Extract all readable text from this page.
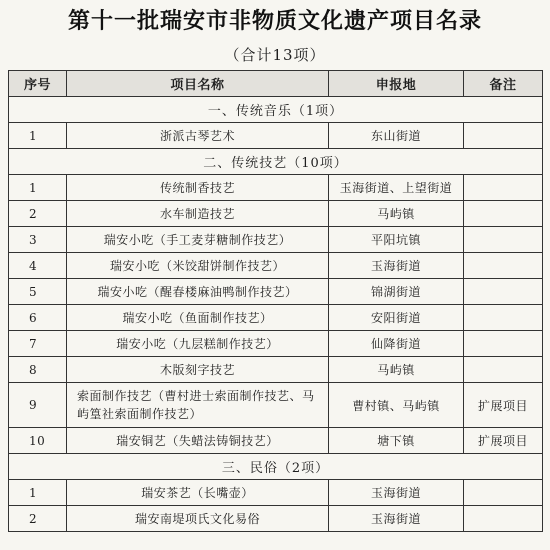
第十一批瑞安市非物质文化遗产项目名录
（合计13项）
序号	项目名称	申报地	备注
一、传统音乐（1项）			
1	浙派古琴艺术	东山街道	
二、传统技艺（10项）			
1	传统制香技艺	玉海街道、上望街道	
2	水车制造技艺	马屿镇	
3	瑞安小吃（手工麦芽糖制作技艺）	平阳坑镇	
4	瑞安小吃（米饺甜饼制作技艺）	玉海街道	
5	瑞安小吃（醒春楼麻油鸭制作技艺）	锦湖街道	
6	瑞安小吃（鱼面制作技艺）	安阳街道	
7	瑞安小吃（九层糕制作技艺）	仙降街道	
8	木版刻字技艺	马屿镇	
9	索面制作技艺（曹村进士索面制作技艺、马屿篁社索面制作技艺）	曹村镇、马屿镇	扩展项目
10	瑞安铜艺（失蜡法铸铜技艺）	塘下镇	扩展项目
三、民俗（2项）			
1	瑞安茶艺（长嘴壶）	玉海街道	
2	瑞安南堤项氏文化易俗	玉海街道	
